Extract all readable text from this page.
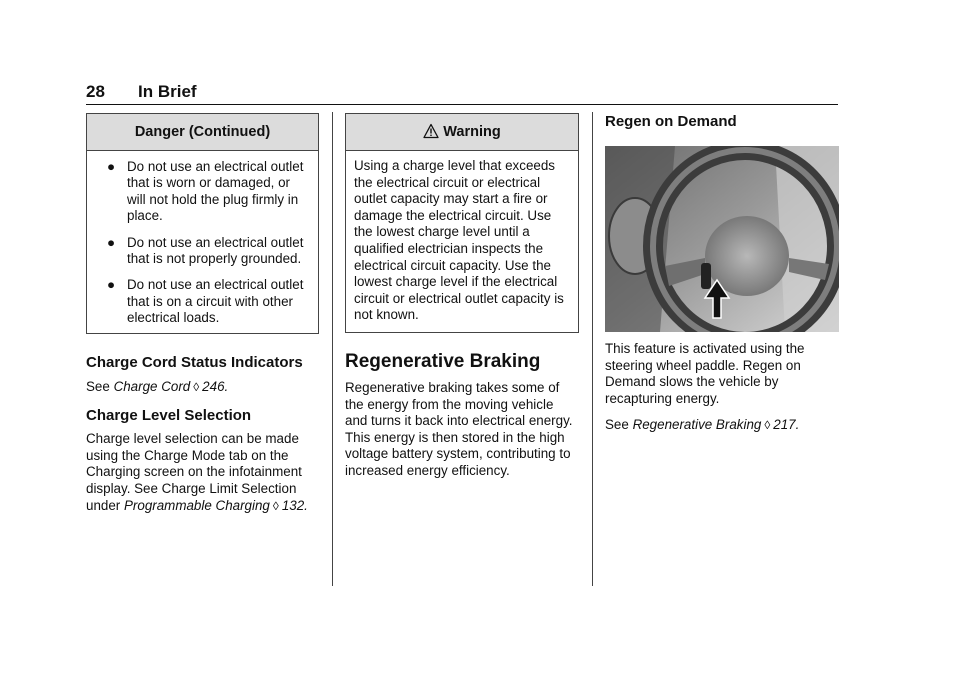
28 In Brief
Danger (Continued)
● Do not use an electrical outlet that is worn or damaged, or will not hold the plug firmly in place.
● Do not use an electrical outlet that is not properly grounded.
● Do not use an electrical outlet that is on a circuit with other electrical loads.
Charge Cord Status Indicators

See Charge Cord ◊ 246.

Charge Level Selection

Charge level selection can be made using the Charge Mode tab on the Charging screen on the infotainment display. See Charge Limit Selection under Programmable Charging ◊ 132.

Warning
Using a charge level that exceeds the electrical circuit or electrical outlet capacity may start a fire or damage the electrical circuit. Use the lowest charge level until a qualified electrician inspects the electrical circuit capacity. Use the lowest charge level if the electrical circuit or electrical outlet capacity is not known.
Regenerative Braking

Regenerative braking takes some of the energy from the moving vehicle and turns it back into electrical energy. This energy is then stored in the high voltage battery system, contributing to increased energy efficiency.

Regen on Demand

This feature is activated using the steering wheel paddle. Regen on Demand slows the vehicle by recapturing energy.

See Regenerative Braking ◊ 217.
